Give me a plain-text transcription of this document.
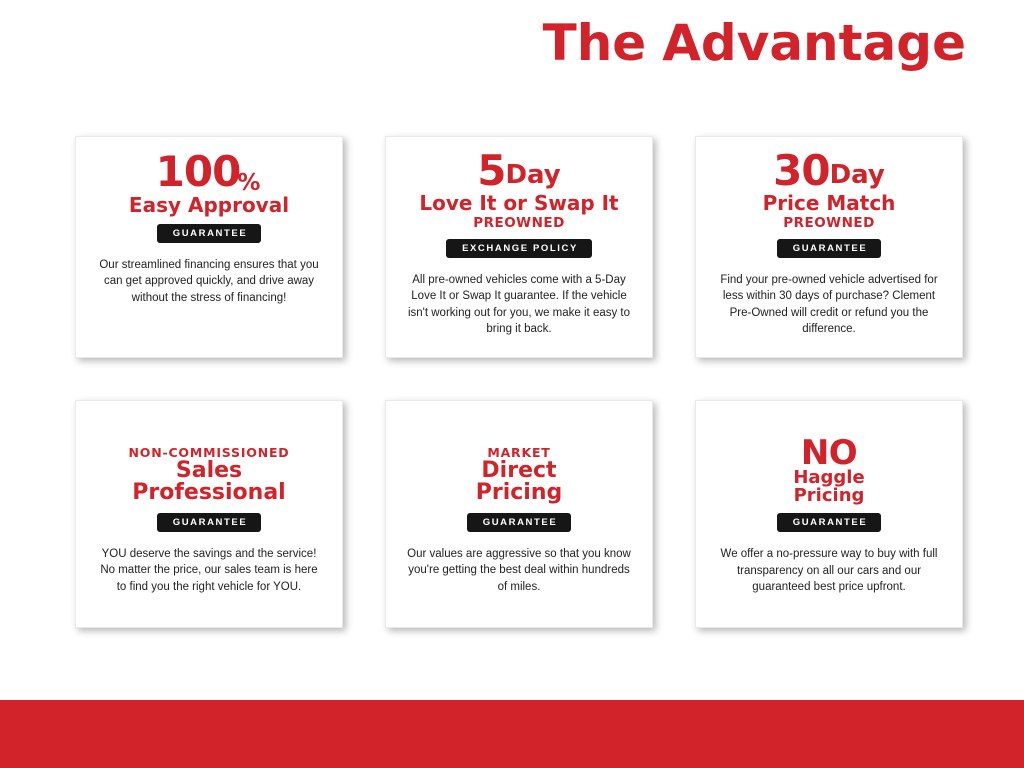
The Advantage
100%
Easy Approval
GUARANTEE
Our streamlined financing ensures that you can get approved quickly, and drive away without the stress of financing!
5Day
Love It or Swap It
PREOWNED
EXCHANGE POLICY
All pre-owned vehicles come with a 5-Day Love It or Swap It guarantee. If the vehicle isn't working out for you, we make it easy to bring it back.
30Day
Price Match
PREOWNED
GUARANTEE
Find your pre-owned vehicle advertised for less within 30 days of purchase? Clement Pre-Owned will credit or refund you the difference.
NON-COMMISSIONED
Sales
Professional
GUARANTEE
YOU deserve the savings and the service! No matter the price, our sales team is here to find you the right vehicle for YOU.
MARKET
Direct
Pricing
GUARANTEE
Our values are aggressive so that you know you're getting the best deal within hundreds of miles.
NO
Haggle
Pricing
GUARANTEE
We offer a no-pressure way to buy with full transparency on all our cars and our guaranteed best price upfront.
